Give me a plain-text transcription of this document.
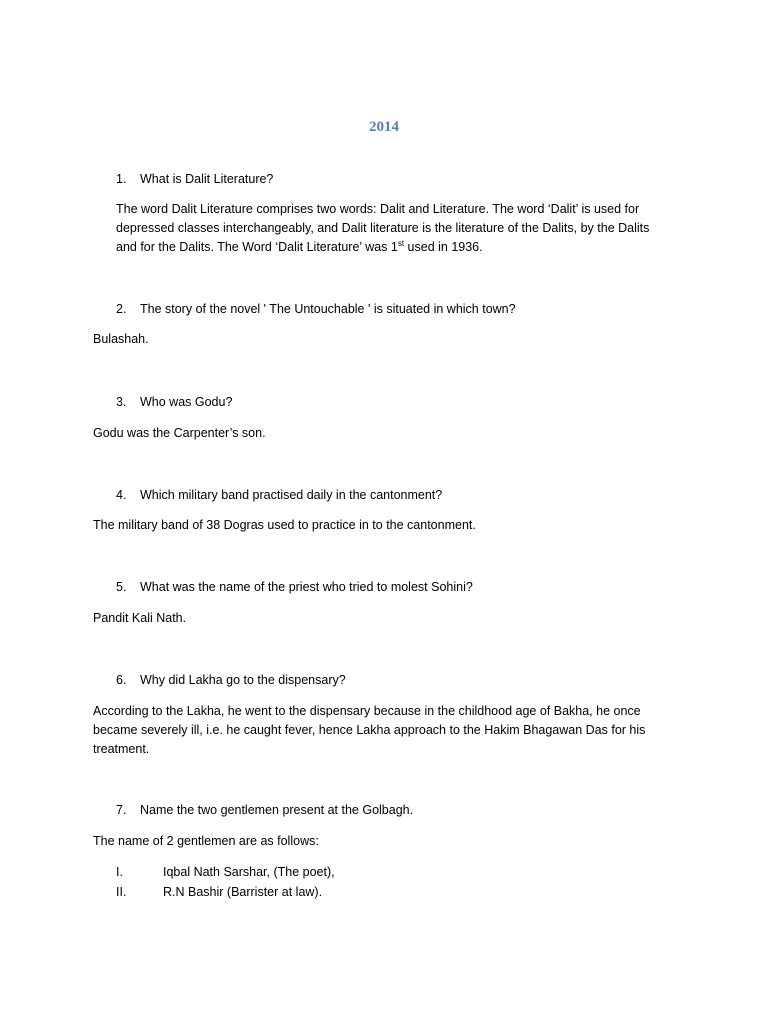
2014
1. What is Dalit Literature?
The word Dalit Literature comprises two words: Dalit and Literature. The word ‘Dalit’ is used for
depressed classes interchangeably, and Dalit literature is the literature of the Dalits, by the Dalits
and for the Dalits. The Word ‘Dalit Literature’ was 1st used in 1936.
2. The story of the novel ' The Untouchable ' is situated in which town?
Bulashah.
3. Who was Godu?
Godu was the Carpenter’s son.
4. Which military band practised daily in the cantonment?
The military band of 38 Dogras used to practice in to the cantonment.
5. What was the name of the priest who tried to molest Sohini?
Pandit Kali Nath.
6. Why did Lakha go to the dispensary?
According to the Lakha, he went to the dispensary because in the childhood age of Bakha, he once
became severely ill, i.e. he caught fever, hence Lakha approach to the Hakim Bhagawan Das for his
treatment.
7. Name the two gentlemen present at the Golbagh.
The name of 2 gentlemen are as follows:
I.	Iqbal Nath Sarshar, (The poet),
II.	R.N Bashir (Barrister at law).
